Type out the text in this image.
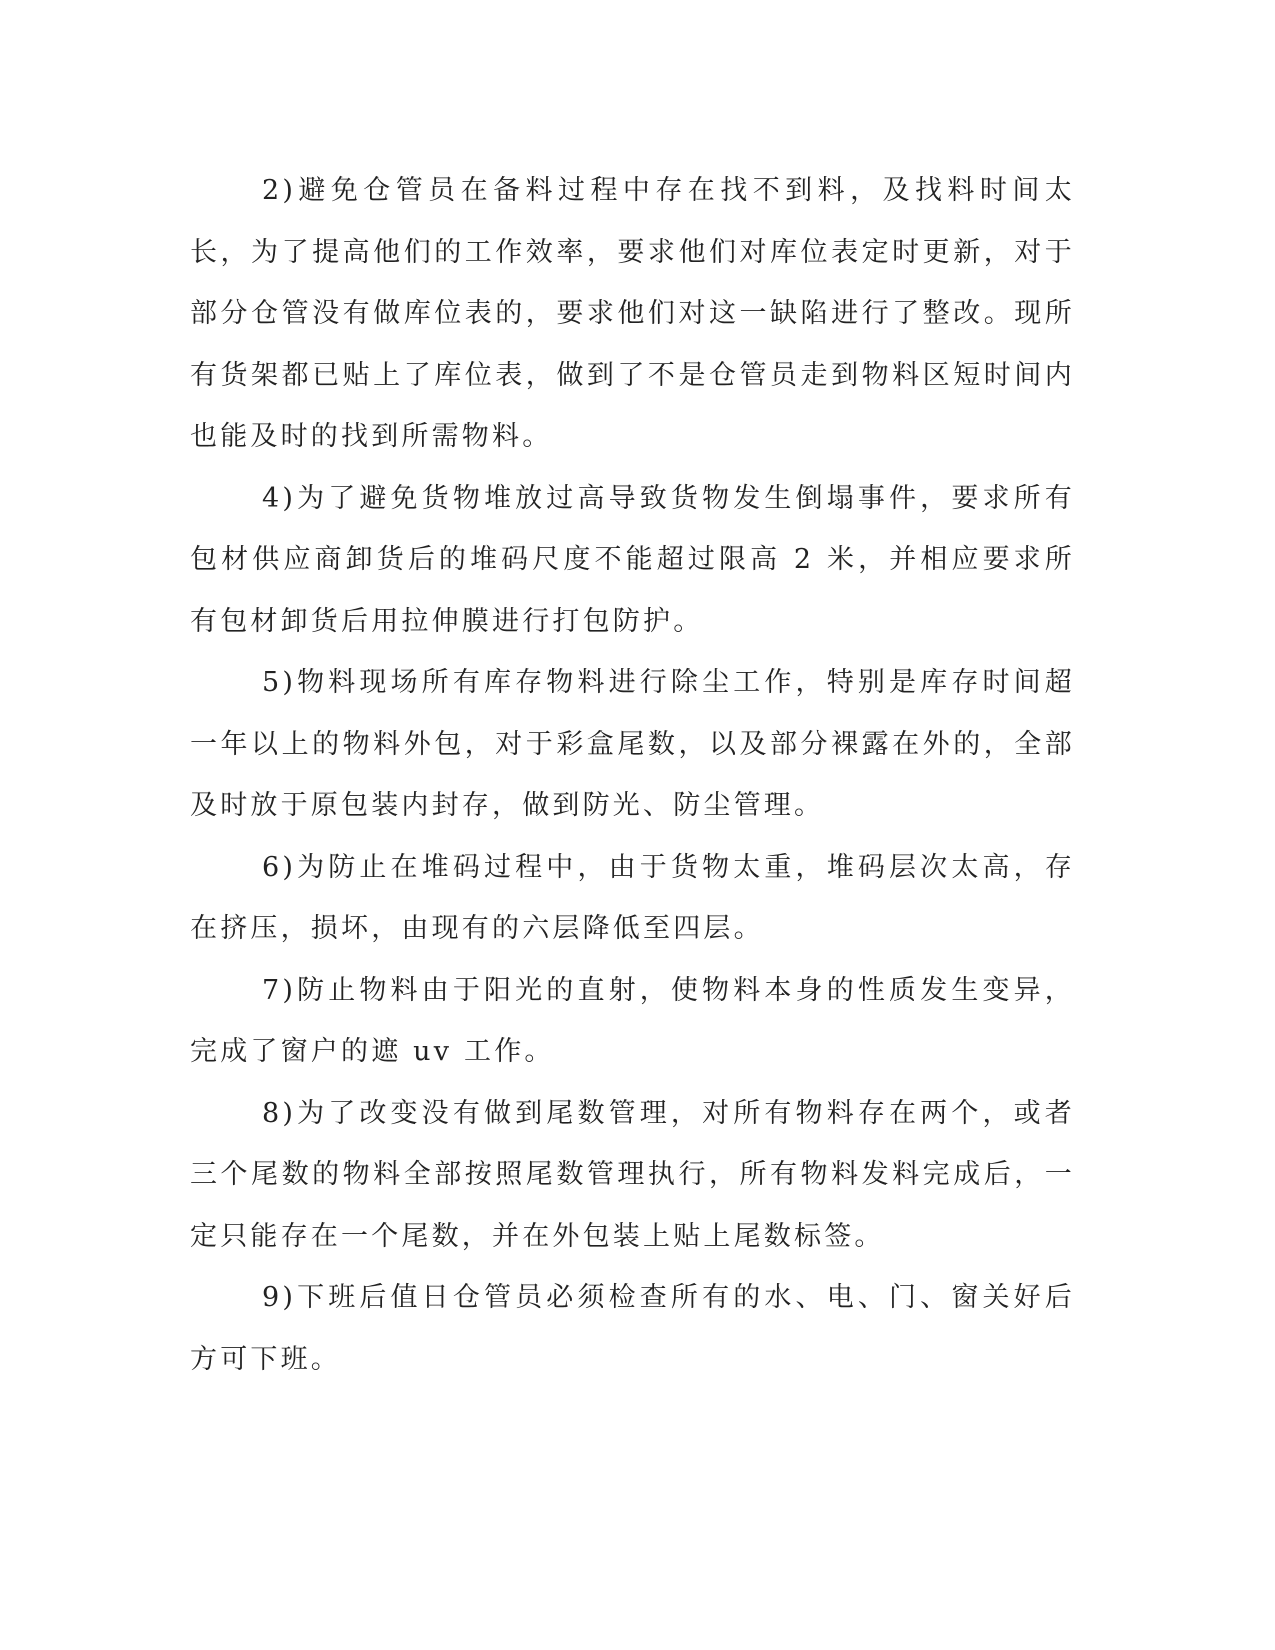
2)避免仓管员在备料过程中存在找不到料，及找料时间太长，为了提高他们的工作效率，要求他们对库位表定时更新，对于部分仓管没有做库位表的，要求他们对这一缺陷进行了整改。现所有货架都已贴上了库位表，做到了不是仓管员走到物料区短时间内也能及时的找到所需物料。

4)为了避免货物堆放过高导致货物发生倒塌事件，要求所有包材供应商卸货后的堆码尺度不能超过限高 2 米，并相应要求所有包材卸货后用拉伸膜进行打包防护。

5)物料现场所有库存物料进行除尘工作，特别是库存时间超一年以上的物料外包，对于彩盒尾数，以及部分裸露在外的，全部及时放于原包装内封存，做到防光、防尘管理。

6)为防止在堆码过程中，由于货物太重，堆码层次太高，存在挤压，损坏，由现有的六层降低至四层。

7)防止物料由于阳光的直射，使物料本身的性质发生变异，完成了窗户的遮 uv 工作。

8)为了改变没有做到尾数管理，对所有物料存在两个，或者三个尾数的物料全部按照尾数管理执行，所有物料发料完成后，一定只能存在一个尾数，并在外包装上贴上尾数标签。

9)下班后值日仓管员必须检查所有的水、电、门、窗关好后方可下班。
